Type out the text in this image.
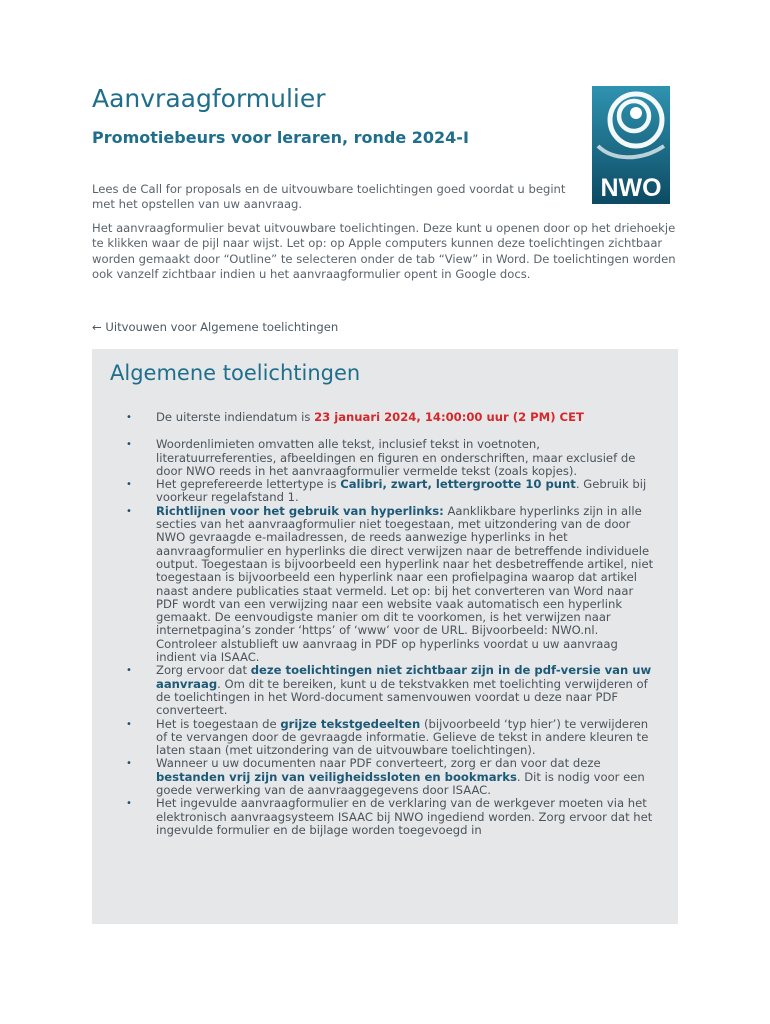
Aanvraagformulier
Promotiebeurs voor leraren, ronde 2024-I
NWO

Lees de Call for proposals en de uitvouwbare toelichtingen goed voordat u begint met het opstellen van uw aanvraag.

Het aanvraagformulier bevat uitvouwbare toelichtingen. Deze kunt u openen door op het driehoekje te klikken waar de pijl naar wijst. Let op: op Apple computers kunnen deze toelichtingen zichtbaar worden gemaakt door “Outline” te selecteren onder de tab “View” in Word. De toelichtingen worden ook vanzelf zichtbaar indien u het aanvraagformulier opent in Google docs.

← Uitvouwen voor Algemene toelichtingen
Algemene toelichtingen
• De uiterste indiendatum is 23 januari 2024, 14:00:00 uur (2 PM) CET
• Woordenlimieten omvatten alle tekst, inclusief tekst in voetnoten, literatuurreferenties, afbeeldingen en figuren en onderschriften, maar exclusief de door NWO reeds in het aanvraagformulier vermelde tekst (zoals kopjes).
• Het geprefereerde lettertype is Calibri, zwart, lettergrootte 10 punt. Gebruik bij voorkeur regelafstand 1.
• Richtlijnen voor het gebruik van hyperlinks: Aanklikbare hyperlinks zijn in alle secties van het aanvraagformulier niet toegestaan, met uitzondering van de door NWO gevraagde e-mailadressen, de reeds aanwezige hyperlinks in het aanvraagformulier en hyperlinks die direct verwijzen naar de betreffende individuele output. Toegestaan is bijvoorbeeld een hyperlink naar het desbetreffende artikel, niet toegestaan is bijvoorbeeld een hyperlink naar een profielpagina waarop dat artikel naast andere publicaties staat vermeld. Let op: bij het converteren van Word naar PDF wordt van een verwijzing naar een website vaak automatisch een hyperlink gemaakt. De eenvoudigste manier om dit te voorkomen, is het verwijzen naar internetpagina’s zonder ‘https’ of ‘www’ voor de URL. Bijvoorbeeld: NWO.nl. Controleer alstublieft uw aanvraag in PDF op hyperlinks voordat u uw aanvraag indient via ISAAC.
• Zorg ervoor dat deze toelichtingen niet zichtbaar zijn in de pdf-versie van uw aanvraag. Om dit te bereiken, kunt u de tekstvakken met toelichting verwijderen of de toelichtingen in het Word-document samenvouwen voordat u deze naar PDF converteert.
• Het is toegestaan de grijze tekstgedeelten (bijvoorbeeld ‘typ hier’) te verwijderen of te vervangen door de gevraagde informatie. Gelieve de tekst in andere kleuren te laten staan (met uitzondering van de uitvouwbare toelichtingen).
• Wanneer u uw documenten naar PDF converteert, zorg er dan voor dat deze bestanden vrij zijn van veiligheidssloten en bookmarks. Dit is nodig voor een goede verwerking van de aanvraaggegevens door ISAAC.
• Het ingevulde aanvraagformulier en de verklaring van de werkgever moeten via het elektronisch aanvraagsysteem ISAAC bij NWO ingediend worden. Zorg ervoor dat het ingevulde formulier en de bijlage worden toegevoegd in
